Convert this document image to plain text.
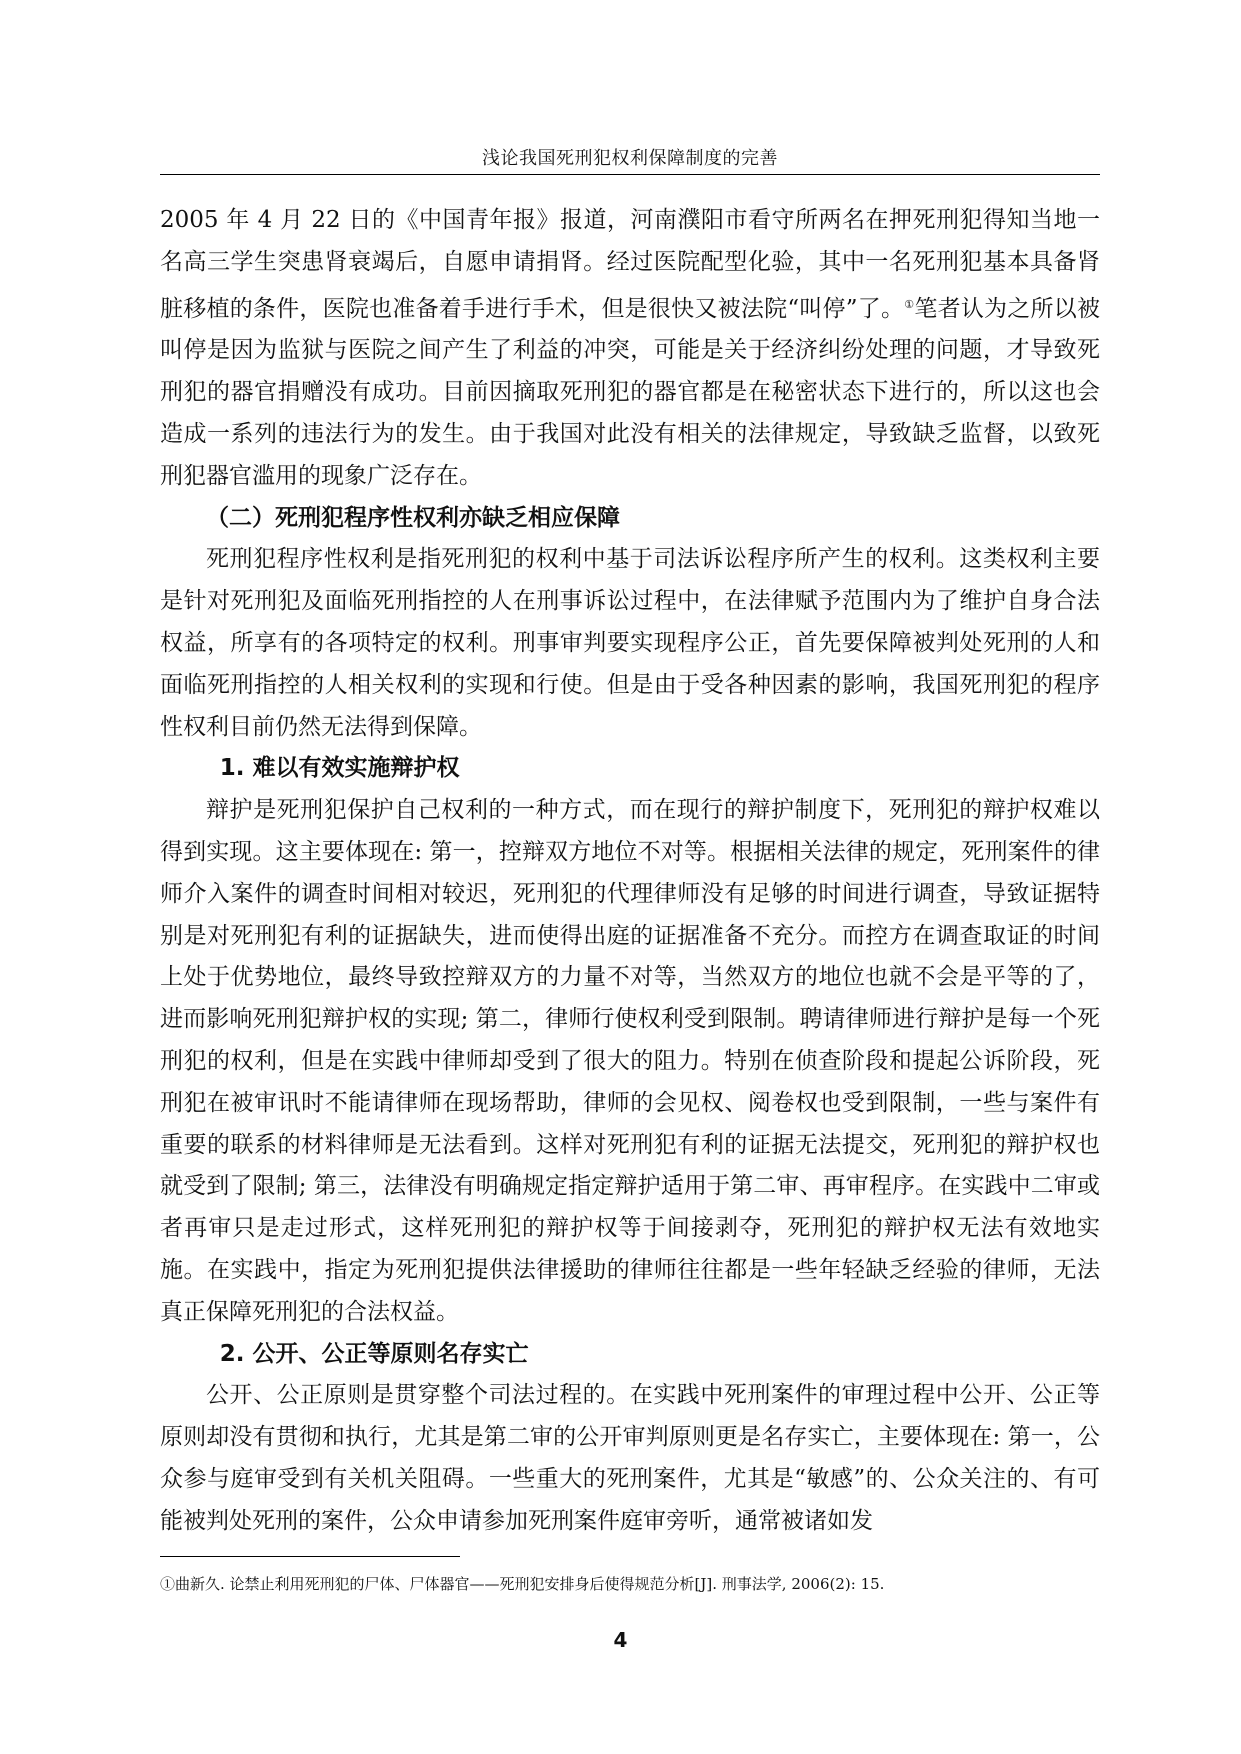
浅论我国死刑犯权利保障制度的完善

2005 年 4 月 22 日的《中国青年报》报道，河南濮阳市看守所两名在押死刑犯得知当地一名高三学生突患肾衰竭后，自愿申请捐肾。经过医院配型化验，其中一名死刑犯基本具备肾脏移植的条件，医院也准备着手进行手术，但是很快又被法院“叫停”了。①笔者认为之所以被叫停是因为监狱与医院之间产生了利益的冲突，可能是关于经济纠纷处理的问题，才导致死刑犯的器官捐赠没有成功。目前因摘取死刑犯的器官都是在秘密状态下进行的，所以这也会造成一系列的违法行为的发生。由于我国对此没有相关的法律规定，导致缺乏监督，以致死刑犯器官滥用的现象广泛存在。

（二）死刑犯程序性权利亦缺乏相应保障

死刑犯程序性权利是指死刑犯的权利中基于司法诉讼程序所产生的权利。这类权利主要是针对死刑犯及面临死刑指控的人在刑事诉讼过程中，在法律赋予范围内为了维护自身合法权益，所享有的各项特定的权利。刑事审判要实现程序公正，首先要保障被判处死刑的人和面临死刑指控的人相关权利的实现和行使。但是由于受各种因素的影响，我国死刑犯的程序性权利目前仍然无法得到保障。

1. 难以有效实施辩护权

辩护是死刑犯保护自己权利的一种方式，而在现行的辩护制度下，死刑犯的辩护权难以得到实现。这主要体现在: 第一，控辩双方地位不对等。根据相关法律的规定，死刑案件的律师介入案件的调查时间相对较迟，死刑犯的代理律师没有足够的时间进行调查，导致证据特别是对死刑犯有利的证据缺失，进而使得出庭的证据准备不充分。而控方在调查取证的时间上处于优势地位，最终导致控辩双方的力量不对等，当然双方的地位也就不会是平等的了，进而影响死刑犯辩护权的实现; 第二，律师行使权利受到限制。聘请律师进行辩护是每一个死刑犯的权利，但是在实践中律师却受到了很大的阻力。特别在侦查阶段和提起公诉阶段，死刑犯在被审讯时不能请律师在现场帮助，律师的会见权、阅卷权也受到限制，一些与案件有重要的联系的材料律师是无法看到。这样对死刑犯有利的证据无法提交，死刑犯的辩护权也就受到了限制; 第三，法律没有明确规定指定辩护适用于第二审、再审程序。在实践中二审或者再审只是走过形式，这样死刑犯的辩护权等于间接剥夺，死刑犯的辩护权无法有效地实施。在实践中，指定为死刑犯提供法律援助的律师往往都是一些年轻缺乏经验的律师，无法真正保障死刑犯的合法权益。

2. 公开、公正等原则名存实亡

公开、公正原则是贯穿整个司法过程的。在实践中死刑案件的审理过程中公开、公正等原则却没有贯彻和执行，尤其是第二审的公开审判原则更是名存实亡，主要体现在: 第一，公众参与庭审受到有关机关阻碍。一些重大的死刑案件，尤其是“敏感”的、公众关注的、有可能被判处死刑的案件，公众申请参加死刑案件庭审旁听，通常被诸如发

①曲新久. 论禁止利用死刑犯的尸体、尸体器官——死刑犯安排身后使得规范分析[J]. 刑事法学, 2006(2): 15.
4
